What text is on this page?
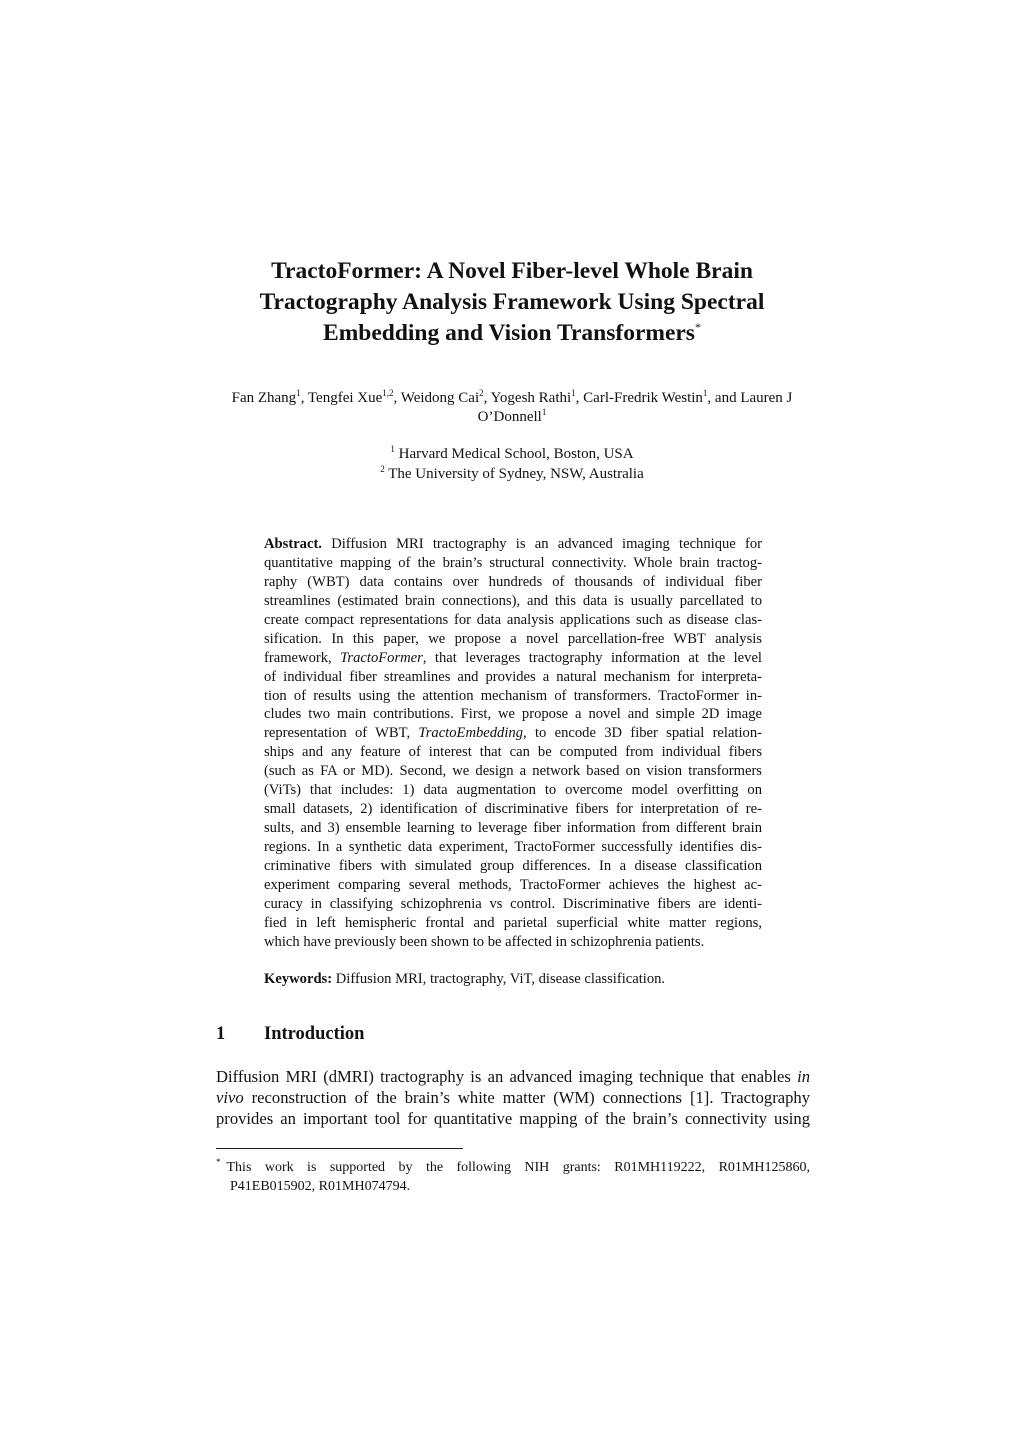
TractoFormer: A Novel Fiber-level Whole Brain
Tractography Analysis Framework Using Spectral
Embedding and Vision Transformers*
Fan Zhang$^1$, Tengfei Xue$^{1,2}$, Weidong Cai$^2$, Yogesh Rathi$^1$, Carl-Fredrik Westin$^1$, and Lauren J O’Donnell$^1$
$^1$ Harvard Medical School, Boston, USA
$^2$ The University of Sydney, NSW, Australia
Abstract. Diffusion MRI tractography is an advanced imaging technique for
quantitative mapping of the brain’s structural connectivity. Whole brain tractog-
raphy (WBT) data contains over hundreds of thousands of individual fiber
streamlines (estimated brain connections), and this data is usually parcellated to
create compact representations for data analysis applications such as disease clas-
sification. In this paper, we propose a novel parcellation-free WBT analysis
framework, TractoFormer, that leverages tractography information at the level
of individual fiber streamlines and provides a natural mechanism for interpreta-
tion of results using the attention mechanism of transformers. TractoFormer in-
cludes two main contributions. First, we propose a novel and simple 2D image
representation of WBT, TractoEmbedding, to encode 3D fiber spatial relation-
ships and any feature of interest that can be computed from individual fibers
(such as FA or MD). Second, we design a network based on vision transformers
(ViTs) that includes: 1) data augmentation to overcome model overfitting on
small datasets, 2) identification of discriminative fibers for interpretation of re-
sults, and 3) ensemble learning to leverage fiber information from different brain
regions. In a synthetic data experiment, TractoFormer successfully identifies dis-
criminative fibers with simulated group differences. In a disease classification
experiment comparing several methods, TractoFormer achieves the highest ac-
curacy in classifying schizophrenia vs control. Discriminative fibers are identi-
fied in left hemispheric frontal and parietal superficial white matter regions,
which have previously been shown to be affected in schizophrenia patients.
Keywords: Diffusion MRI, tractography, ViT, disease classification.
1 Introduction
Diffusion MRI (dMRI) tractography is an advanced imaging technique that enables in
vivo reconstruction of the brain’s white matter (WM) connections [1]. Tractography
provides an important tool for quantitative mapping of the brain’s connectivity using
* This work is supported by the following NIH grants: R01MH119222, R01MH125860,
P41EB015902, R01MH074794.
